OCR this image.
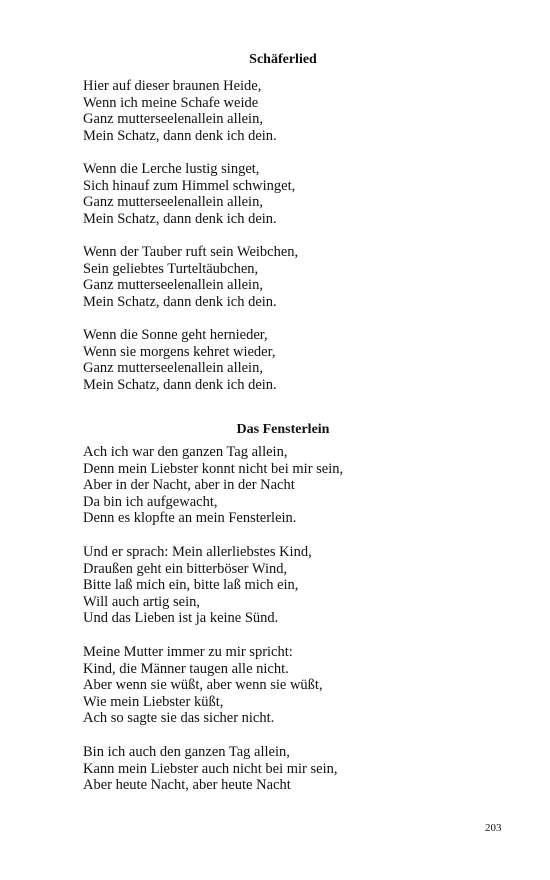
Schäferlied
Hier auf dieser braunen Heide,
Wenn ich meine Schafe weide
Ganz mutterseelenallein allein,
Mein Schatz, dann denk ich dein.
Wenn die Lerche lustig singet,
Sich hinauf zum Himmel schwinget,
Ganz mutterseelenallein allein,
Mein Schatz, dann denk ich dein.
Wenn der Tauber ruft sein Weibchen,
Sein geliebtes Turteltäubchen,
Ganz mutterseelenallein allein,
Mein Schatz, dann denk ich dein.
Wenn die Sonne geht hernieder,
Wenn sie morgens kehret wieder,
Ganz mutterseelenallein allein,
Mein Schatz, dann denk ich dein.
Das Fensterlein
Ach ich war den ganzen Tag allein,
Denn mein Liebster konnt nicht bei mir sein,
Aber in der Nacht, aber in der Nacht
Da bin ich aufgewacht,
Denn es klopfte an mein Fensterlein.
Und er sprach: Mein allerliebstes Kind,
Draußen geht ein bitterböser Wind,
Bitte laß mich ein, bitte laß mich ein,
Will auch artig sein,
Und das Lieben ist ja keine Sünd.
Meine Mutter immer zu mir spricht:
Kind, die Männer taugen alle nicht.
Aber wenn sie wüßt, aber wenn sie wüßt,
Wie mein Liebster küßt,
Ach so sagte sie das sicher nicht.
Bin ich auch den ganzen Tag allein,
Kann mein Liebster auch nicht bei mir sein,
Aber heute Nacht, aber heute Nacht
203
